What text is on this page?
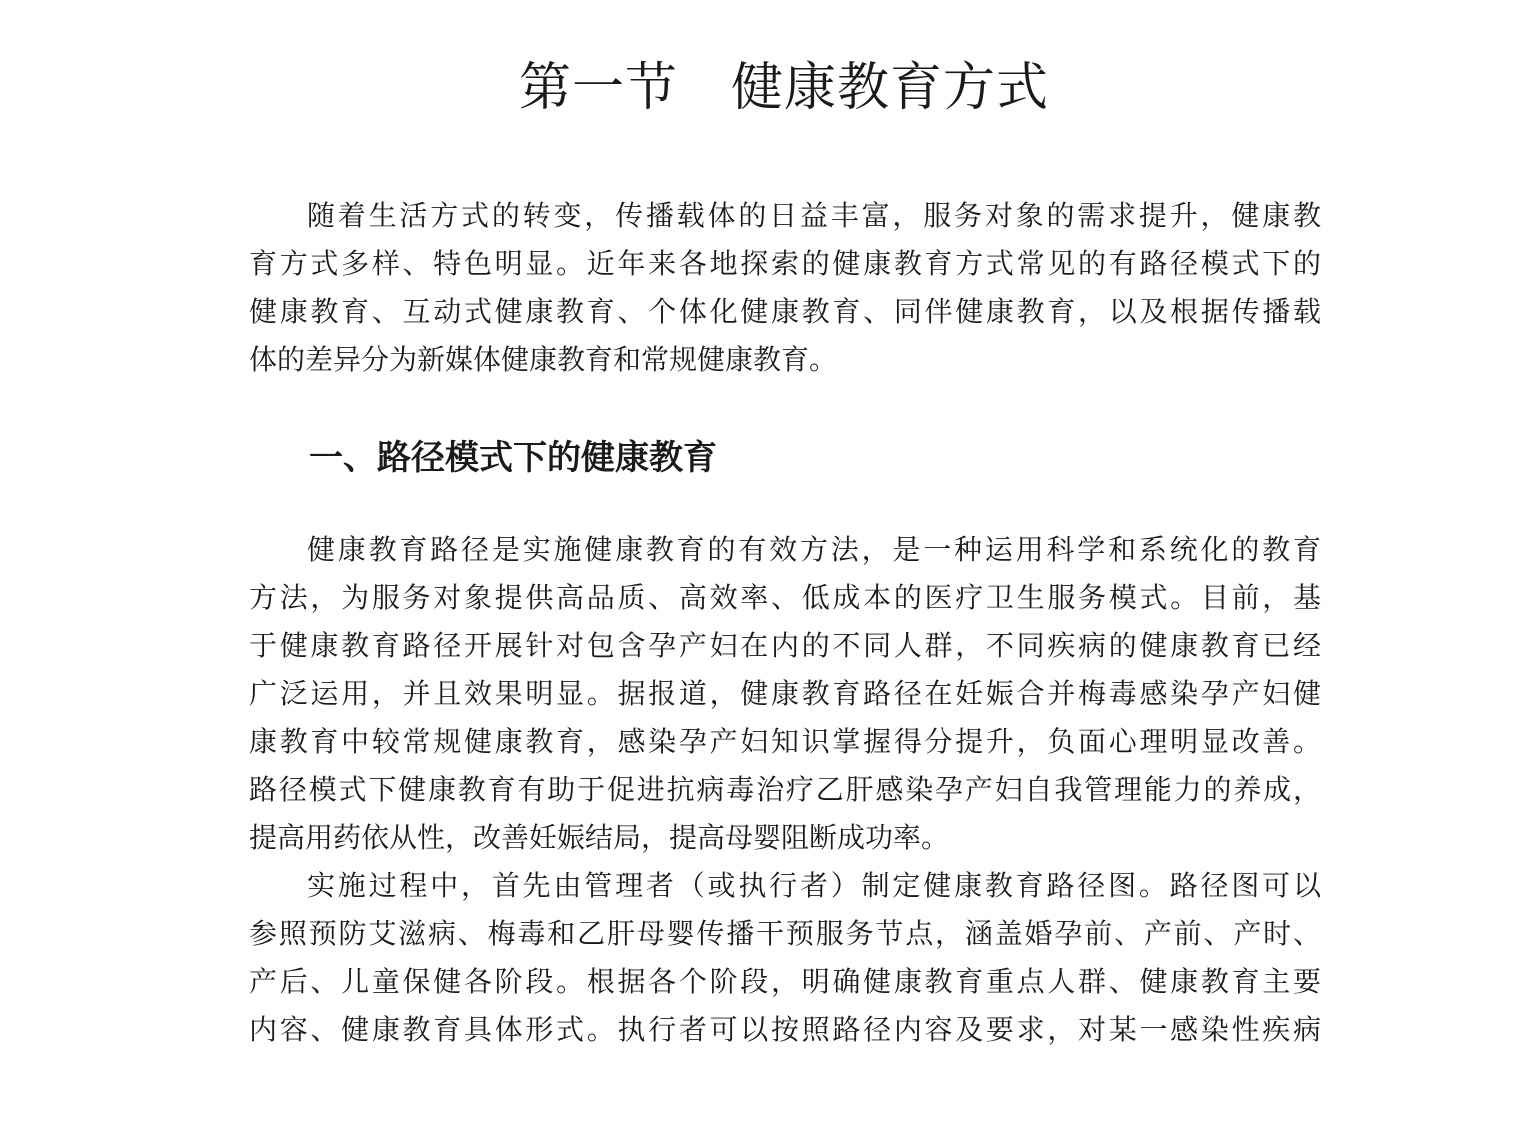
第一节　健康教育方式
随着生活方式的转变，传播载体的日益丰富，服务对象的需求提升，健康教
育方式多样、特色明显。近年来各地探索的健康教育方式常见的有路径模式下的
健康教育、互动式健康教育、个体化健康教育、同伴健康教育，以及根据传播载
体的差异分为新媒体健康教育和常规健康教育。
一、路径模式下的健康教育
健康教育路径是实施健康教育的有效方法，是一种运用科学和系统化的教育
方法，为服务对象提供高品质、高效率、低成本的医疗卫生服务模式。目前，基
于健康教育路径开展针对包含孕产妇在内的不同人群，不同疾病的健康教育已经
广泛运用，并且效果明显。据报道，健康教育路径在妊娠合并梅毒感染孕产妇健
康教育中较常规健康教育，感染孕产妇知识掌握得分提升，负面心理明显改善。
路径模式下健康教育有助于促进抗病毒治疗乙肝感染孕产妇自我管理能力的养成，
提高用药依从性，改善妊娠结局，提高母婴阻断成功率。
实施过程中，首先由管理者（或执行者）制定健康教育路径图。路径图可以
参照预防艾滋病、梅毒和乙肝母婴传播干预服务节点，涵盖婚孕前、产前、产时、
产后、儿童保健各阶段。根据各个阶段，明确健康教育重点人群、健康教育主要
内容、健康教育具体形式。执行者可以按照路径内容及要求，对某一感染性疾病
